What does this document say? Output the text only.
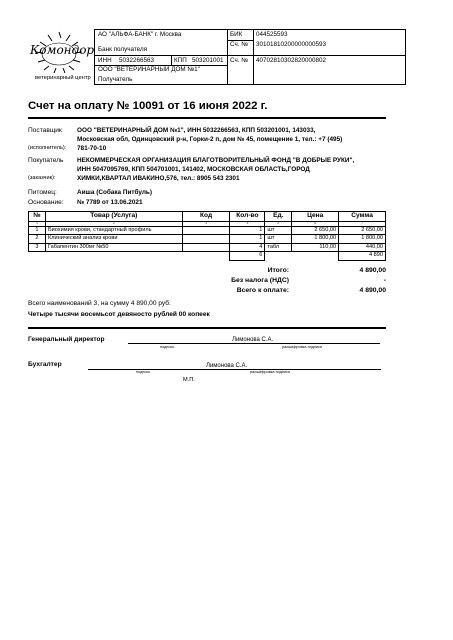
Комондор
ветеринарный центр
АО "АЛЬФА-БАНК" г. Москва
Банк получателя
БИК 044525593
Сч. № 30101810200000000593
ИНН 5032266563	КПП 503201001 Сч. № 40702810302820000802
ООО "ВЕТЕРИНАРНЫЙ ДОМ №1"
Получатель
Счет на оплату № 10091 от 16 июня 2022 г.
Поставщик
(исполнитель):
ООО "ВЕТЕРИНАРНЫЙ ДОМ №1", ИНН 5032266563, КПП 503201001, 143033,
Московская обл, Одинцовский р-н, Горки-2 п, дом № 45, помещение 1, тел.: +7 (495)
781-70-10
Покупатель
(заказчик):
НЕКОММЕРЧЕСКАЯ ОРГАНИЗАЦИЯ БЛАГОТВОРИТЕЛЬНЫЙ ФОНД "В ДОБРЫЕ РУКИ",
ИНН 5047095769, КПП 504701001, 141402, МОСКОВСКАЯ ОБЛАСТЬ,ГОРОД
ХИМКИ,КВАРТАЛ ИВАКИНО,576, тел.: 8905 543 2301
Питомец:	Аиша (Собака Питбуль)
Основание: № 7789 от 13.06.2021
№	Товар (Услуга)	Код	Кол-во	Ед.	Цена	Сумма
1	2	3	4	5	6	7
1	Биохимия крови, стандартный профиль		1	шт	2 650,00	2 650,00
2	Клинический анализ крови		1	шт	1 800,00	1 800,00
3	Габапентин 300мг №50		4	табл	110,00	440,00
			6			4 890
Итого:	4 890,00
Без налога (НДС)	-
Всего к оплате:	4 890,00
Всего наименований 3, на сумму 4 890,00 руб.
Четыре тысячи восемьсот девяносто рублей 00 копеек
Генеральный директор	Лимонова С.А.
подпись	расшифровка подписи
Бухгалтер	Лимонова С.А.
подпись	расшифровка подписи
М.П.
